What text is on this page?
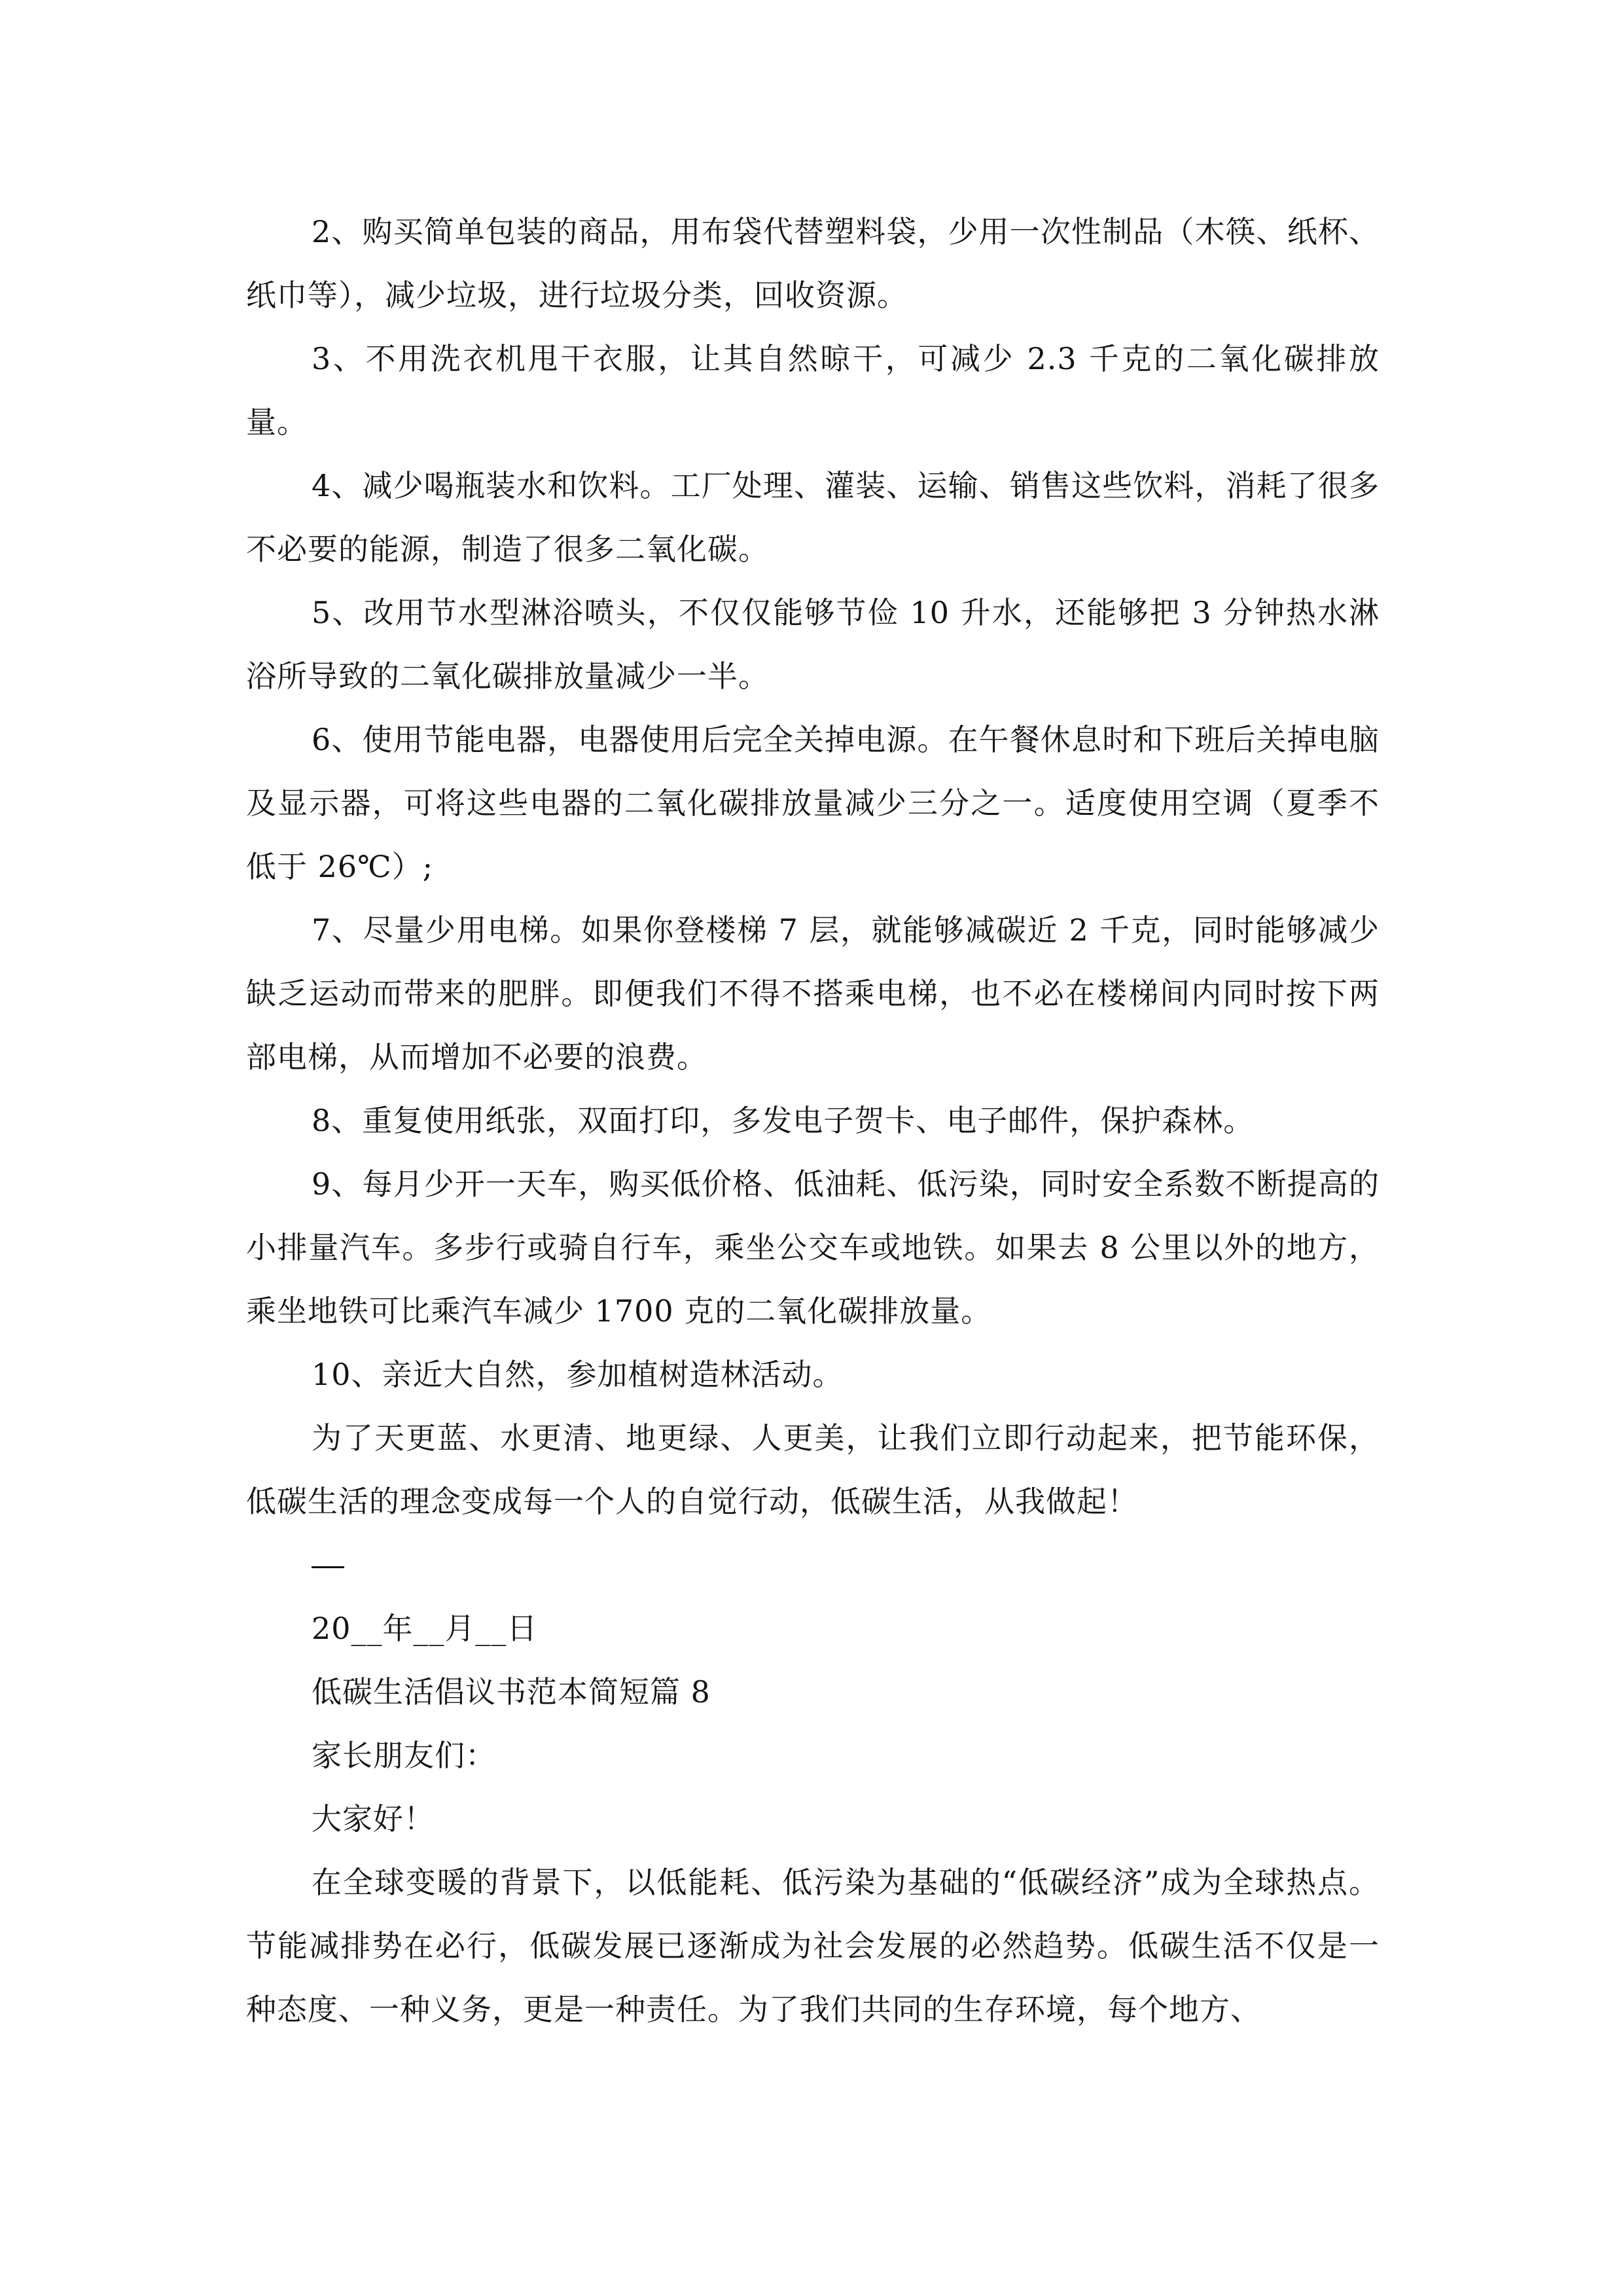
2、购买简单包装的商品，用布袋代替塑料袋，少用一次性制品（木筷、纸杯、纸巾等），减少垃圾，进行垃圾分类，回收资源。

3、不用洗衣机甩干衣服，让其自然晾干，可减少 2.3 千克的二氧化碳排放量。

4、减少喝瓶装水和饮料。工厂处理、灌装、运输、销售这些饮料，消耗了很多不必要的能源，制造了很多二氧化碳。

5、改用节水型淋浴喷头，不仅仅能够节俭 10 升水，还能够把 3 分钟热水淋浴所导致的二氧化碳排放量减少一半。

6、使用节能电器，电器使用后完全关掉电源。在午餐休息时和下班后关掉电脑及显示器，可将这些电器的二氧化碳排放量减少三分之一。适度使用空调（夏季不低于 26℃）;

7、尽量少用电梯。如果你登楼梯 7 层，就能够减碳近 2 千克，同时能够减少缺乏运动而带来的肥胖。即便我们不得不搭乘电梯，也不必在楼梯间内同时按下两部电梯，从而增加不必要的浪费。

8、重复使用纸张，双面打印，多发电子贺卡、电子邮件，保护森林。

9、每月少开一天车，购买低价格、低油耗、低污染，同时安全系数不断提高的小排量汽车。多步行或骑自行车，乘坐公交车或地铁。如果去 8 公里以外的地方，乘坐地铁可比乘汽车减少 1700 克的二氧化碳排放量。

10、亲近大自然，参加植树造林活动。

为了天更蓝、水更清、地更绿、人更美，让我们立即行动起来，把节能环保，低碳生活的理念变成每一个人的自觉行动，低碳生活，从我做起！

20__年__月__日

低碳生活倡议书范本简短篇 8

家长朋友们：

大家好！

在全球变暖的背景下，以低能耗、低污染为基础的“低碳经济”成为全球热点。节能减排势在必行，低碳发展已逐渐成为社会发展的必然趋势。低碳生活不仅是一种态度、一种义务，更是一种责任。为了我们共同的生存环境，每个地方、
